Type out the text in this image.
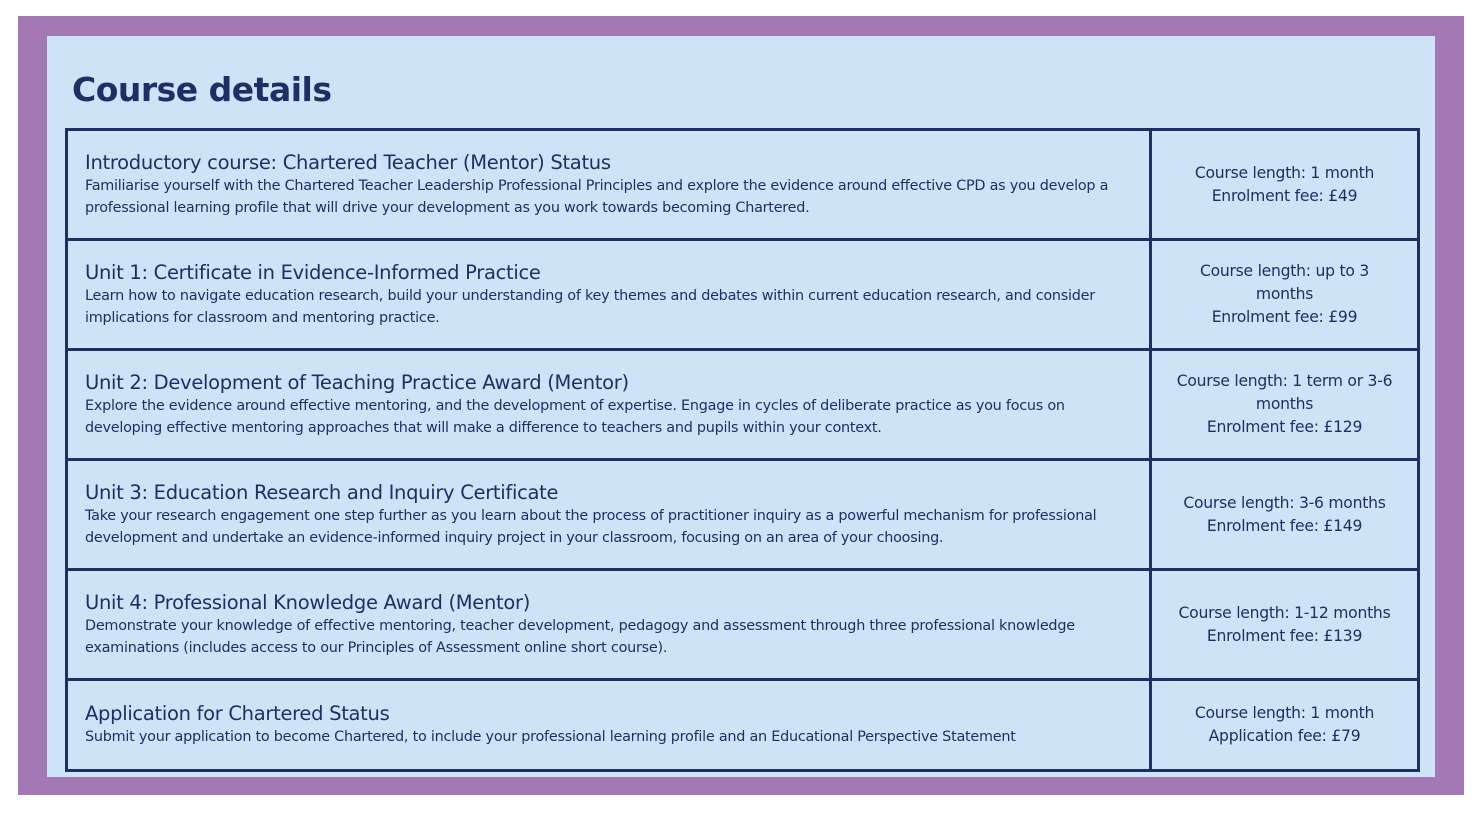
Course details
Introductory course: Chartered Teacher (Mentor) Status
Familiarise yourself with the Chartered Teacher Leadership Professional Principles and explore the evidence around effective CPD as you develop a professional learning profile that will drive your development as you work towards becoming Chartered.	Course length: 1 month
Enrolment fee: £49

Unit 1: Certificate in Evidence-Informed Practice
Learn how to navigate education research, build your understanding of key themes and debates within current education research, and consider implications for classroom and mentoring practice.	Course length: up to 3 months
Enrolment fee: £99

Unit 2: Development of Teaching Practice Award (Mentor)
Explore the evidence around effective mentoring, and the development of expertise. Engage in cycles of deliberate practice as you focus on developing effective mentoring approaches that will make a difference to teachers and pupils within your context.	Course length: 1 term or 3-6 months
Enrolment fee: £129

Unit 3: Education Research and Inquiry Certificate
Take your research engagement one step further as you learn about the process of practitioner inquiry as a powerful mechanism for professional development and undertake an evidence-informed inquiry project in your classroom, focusing on an area of your choosing.	Course length: 3-6 months
Enrolment fee: £149

Unit 4: Professional Knowledge Award (Mentor)
Demonstrate your knowledge of effective mentoring, teacher development, pedagogy and assessment through three professional knowledge examinations (includes access to our Principles of Assessment online short course).	Course length: 1-12 months
Enrolment fee: £139

Application for Chartered Status
Submit your application to become Chartered, to include your professional learning profile and an Educational Perspective Statement	Course length: 1 month
Application fee: £79
